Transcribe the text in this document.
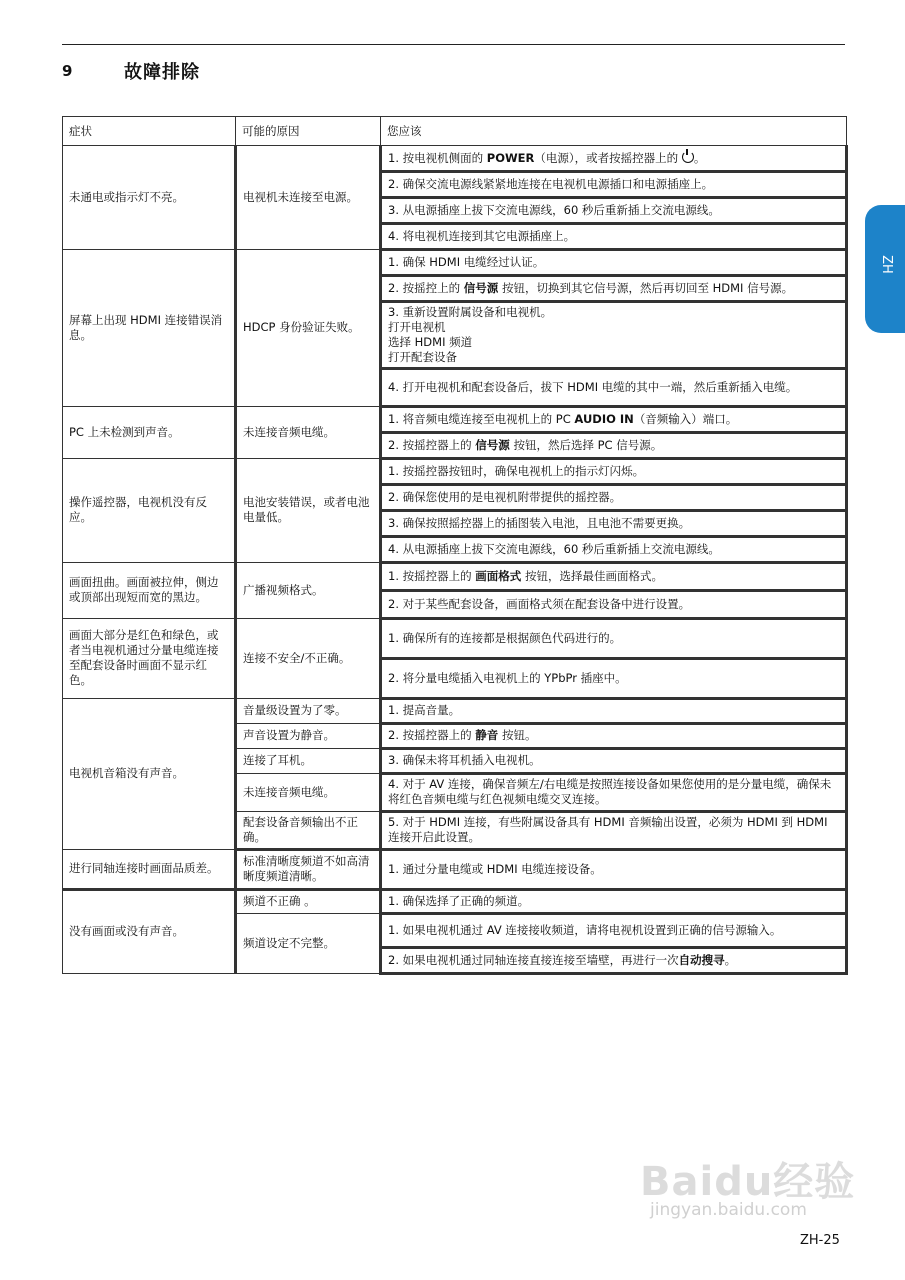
9	故障排除
症状	可能的原因	您应该
未通电或指示灯不亮。	电视机未连接至电源。	1. 按电视机侧面的 POWER（电源），或者按摇控器上的 。
		2. 确保交流电源线紧紧地连接在电视机电源插口和电源插座上。
		3. 从电源插座上拔下交流电源线，60 秒后重新插上交流电源线。
		4. 将电视机连接到其它电源插座上。
屏幕上出现 HDMI 连接错误消息。	HDCP 身份验证失败。	1. 确保 HDMI 电缆经过认证。
		2. 按摇控上的 信号源 按钮，切换到其它信号源，然后再切回至 HDMI 信号源。

		3. 重新设置附属设备和电视机。
打开电视机
选择 HDMI 频道
打开配套设备

		4. 打开电视机和配套设备后，拔下 HDMI 电缆的其中一端，然后重新插入电缆。
PC 上未检测到声音。	未连接音频电缆。	1. 将音频电缆连接至电视机上的 PC AUDIO IN（音频输入）端口。
		2. 按摇控器上的 信号源 按钮，然后选择 PC 信号源。
操作遥控器，电视机没有反应。	电池安装错误，或者电池电量低。	1. 按摇控器按钮时，确保电视机上的指示灯闪烁。
		2. 确保您使用的是电视机附带提供的摇控器。
		3. 确保按照摇控器上的插图装入电池，且电池不需要更换。
		4. 从电源插座上拔下交流电源线，60 秒后重新插上交流电源线。
画面扭曲。画面被拉伸，侧边或顶部出现短而宽的黑边。	广播视频格式。	1. 按摇控器上的 画面格式 按钮，选择最佳画面格式。
		2. 对于某些配套设备，画面格式须在配套设备中进行设置。
画面大部分是红色和绿色，或者当电视机通过分量电缆连接至配套设备时画面不显示红色。	连接不安全/不正确。	1. 确保所有的连接都是根据颜色代码进行的。
		2. 将分量电缆插入电视机上的 YPbPr 插座中。
电视机音箱没有声音。	音量级设置为了零。	1. 提高音量。
	声音设置为静音。	2. 按摇控器上的 静音 按钮。
	连接了耳机。	3. 确保未将耳机插入电视机。
	未连接音频电缆。	4. 对于 AV 连接，确保音频左/右电缆是按照连接设备如果您使用的是分量电缆，确保未将红色音频电缆与红色视频电缆交叉连接。
	配套设备音频输出不正确。	5. 对于 HDMI 连接，有些附属设备具有 HDMI 音频输出设置，必须为 HDMI 到 HDMI 连接开启此设置。
进行同轴连接时画面品质差。	标准清晰度频道不如高清晰度频道清晰。	1. 通过分量电缆或 HDMI 电缆连接设备。
没有画面或没有声音。	频道不正确 。	1. 确保选择了正确的频道。
	频道设定不完整。	1. 如果电视机通过 AV 连接接收频道，请将电视机设置到正确的信号源输入。
		2. 如果电视机通过同轴连接直接连接至墙壁，再进行一次自动搜寻。
ZH
Baidu经验
jingyan.baidu.com
ZH-25
